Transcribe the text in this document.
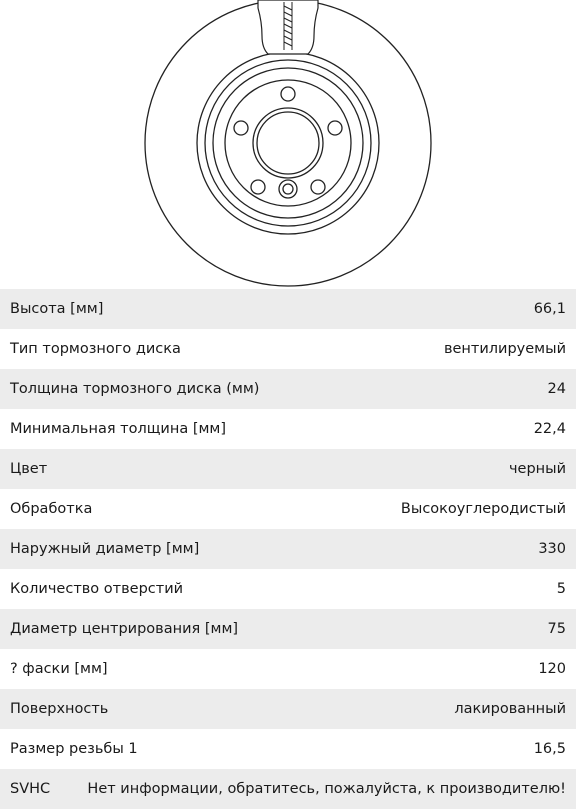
Высота [мм]	66,1
Тип тормозного диска	вентилируемый
Толщина тормозного диска (мм)	24
Минимальная толщина [мм]	22,4
Цвет	черный
Обработка	Высокоуглеродистый
Наружный диаметр [мм]	330
Количество отверстий	5
Диаметр центрирования [мм]	75
? фаски [мм]	120
Поверхность	лакированный
Размер резьбы 1	16,5
SVHC	Нет информации, обратитесь, пожалуйста, к производителю!
